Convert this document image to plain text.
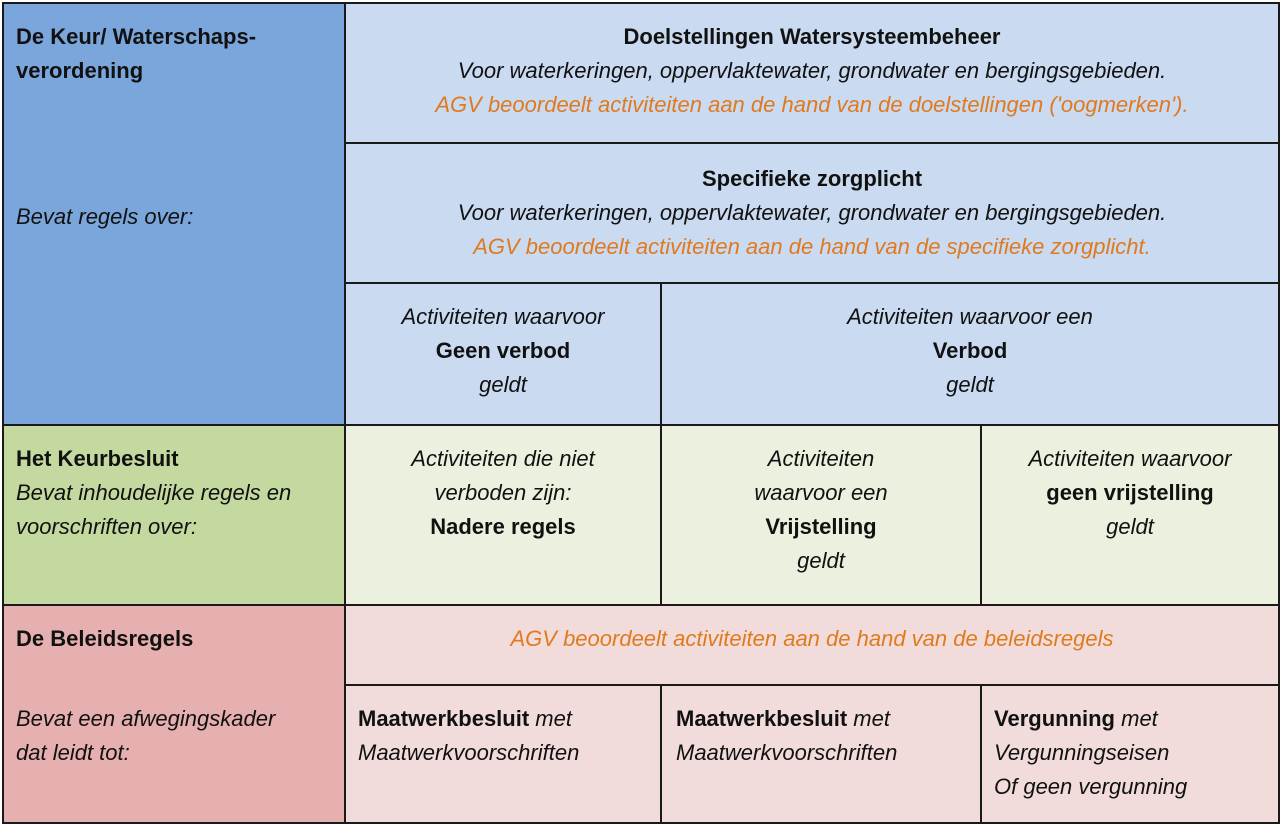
De Keur/ Waterschaps-
verordening
Bevat regels over:
Doelstellingen Watersysteembeheer
Voor waterkeringen, oppervlaktewater, grondwater en bergingsgebieden.
AGV beoordeelt activiteiten aan de hand van de doelstellingen ('oogmerken').
Specifieke zorgplicht
Voor waterkeringen, oppervlaktewater, grondwater en bergingsgebieden.
AGV beoordeelt activiteiten aan de hand van de specifieke zorgplicht.
Activiteiten waarvoor
Geen verbod
geldt
Activiteiten waarvoor een
Verbod
geldt
Het Keurbesluit
Bevat inhoudelijke regels en
voorschriften over:
Activiteiten die niet
verboden zijn:
Nadere regels
Activiteiten
waarvoor een
Vrijstelling
geldt
Activiteiten waarvoor
geen vrijstelling
geldt
De Beleidsregels
Bevat een afwegingskader
dat leidt tot:
AGV beoordeelt activiteiten aan de hand van de beleidsregels
Maatwerkbesluit met
Maatwerkvoorschriften
Maatwerkbesluit met
Maatwerkvoorschriften
Vergunning met
Vergunningseisen
Of geen vergunning
